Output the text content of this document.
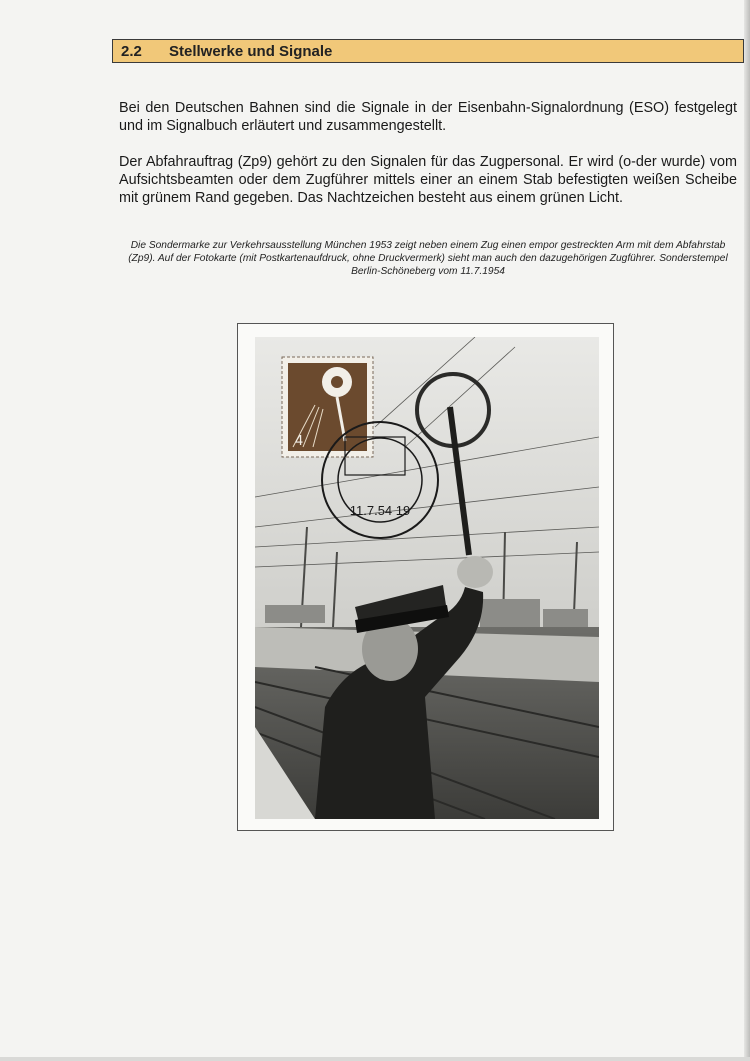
2.2	Stellwerke und Signale

Bei den Deutschen Bahnen sind die Signale in der Eisenbahn-Signalordnung (ESO) festgelegt und im Signalbuch erläutert und zusammengestellt.

Der Abfahrauftrag (Zp9) gehört zu den Signalen für das Zugpersonal. Er wird (o-der wurde) vom Aufsichtsbeamten oder dem Zugführer mittels einer an einem Stab befestigten weißen Scheibe mit grünem Rand gegeben. Das Nachtzeichen besteht aus einem grünen Licht.

Die Sondermarke zur Verkehrsausstellung München 1953 zeigt neben einem Zug einen empor gestreckten Arm mit dem Abfahrstab (Zp9). Auf der Fotokarte (mit Postkartenaufdruck, ohne Druckvermerk) sieht man auch den dazugehörigen Zugführer. Sonderstempel Berlin-Schöneberg vom 11.7.1954

4
11.7.54 19
